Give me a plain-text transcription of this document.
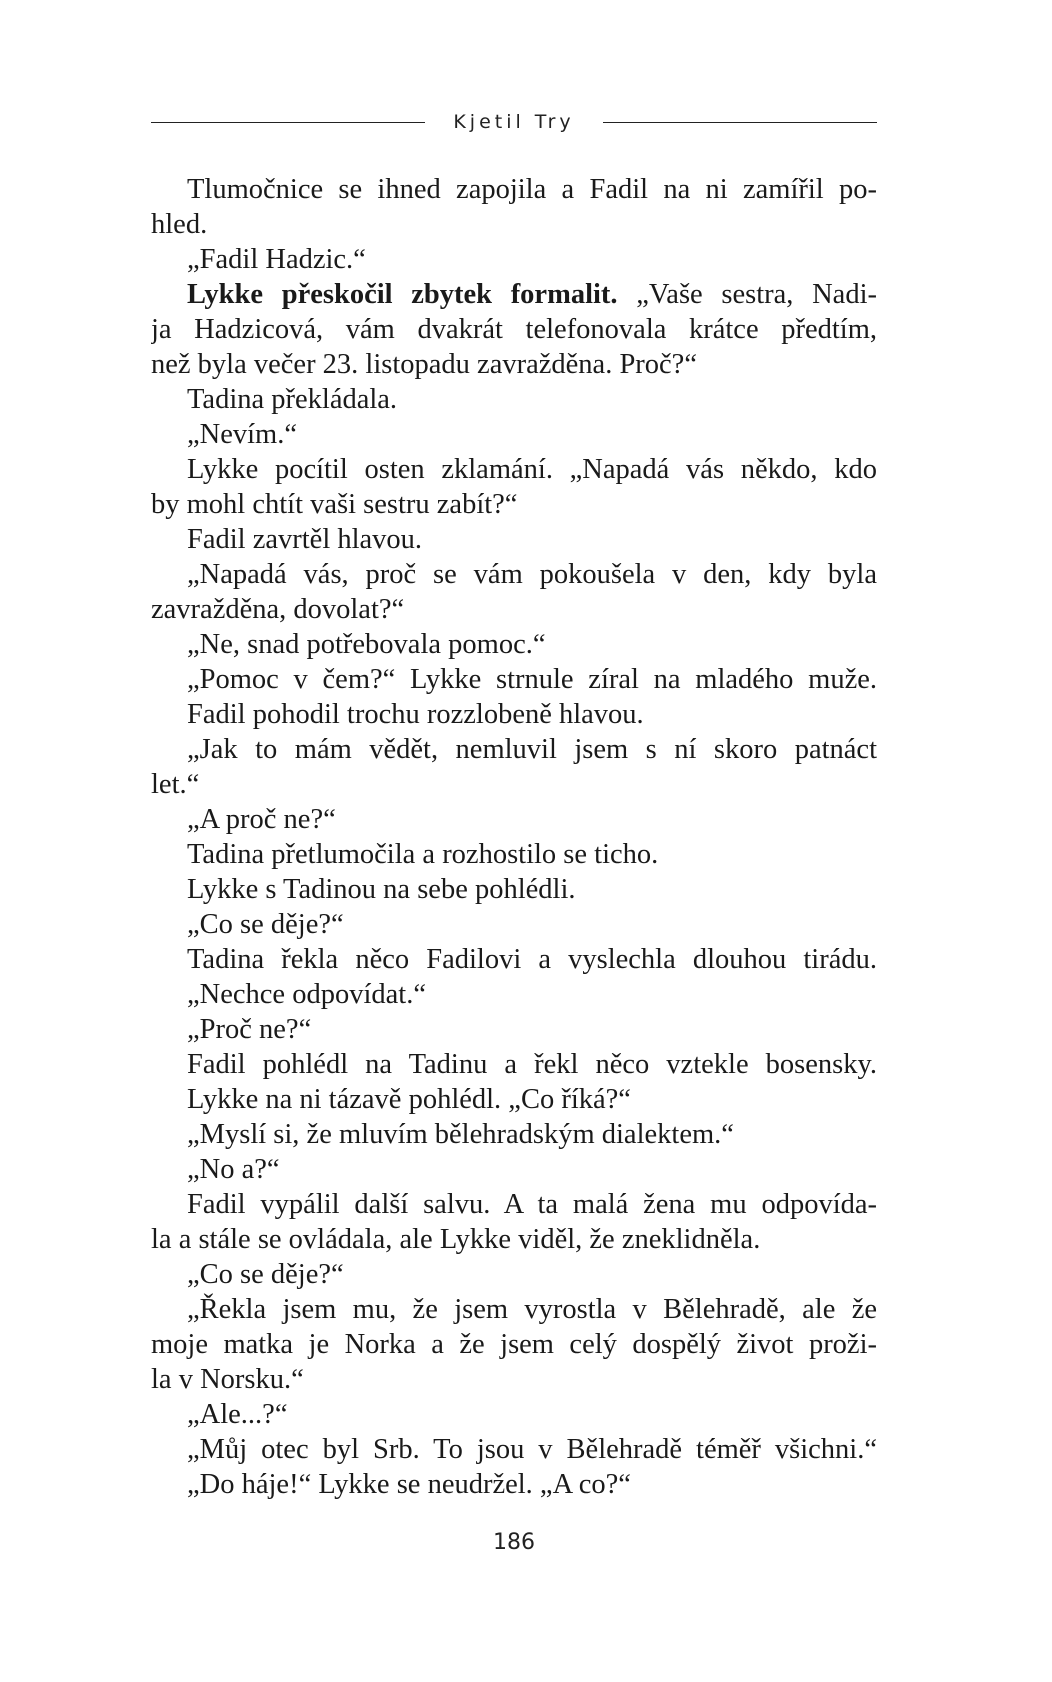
Kjetil Try
Tlumočnice se ihned zapojila a Fadil na ni zamířil po-
hled.
„Fadil Hadzic.“
Lykke přeskočil zbytek formalit. „Vaše sestra, Nadi-
ja Hadzicová, vám dvakrát telefonovala krátce předtím,
než byla večer 23. listopadu zavražděna. Proč?“
Tadina překládala.
„Nevím.“
Lykke pocítil osten zklamání. „Napadá vás někdo, kdo
by mohl chtít vaši sestru zabít?“
Fadil zavrtěl hlavou.
„Napadá vás, proč se vám pokoušela v den, kdy byla
zavražděna, dovolat?“
„Ne, snad potřebovala pomoc.“
„Pomoc v čem?“ Lykke strnule zíral na mladého muže.
Fadil pohodil trochu rozzlobeně hlavou.
„Jak to mám vědět, nemluvil jsem s ní skoro patnáct
let.“
„A proč ne?“
Tadina přetlumočila a rozhostilo se ticho.
Lykke s Tadinou na sebe pohlédli.
„Co se děje?“
Tadina řekla něco Fadilovi a vyslechla dlouhou tirádu.
„Nechce odpovídat.“
„Proč ne?“
Fadil pohlédl na Tadinu a řekl něco vztekle bosensky.
Lykke na ni tázavě pohlédl. „Co říká?“
„Myslí si, že mluvím bělehradským dialektem.“
„No a?“
Fadil vypálil další salvu. A ta malá žena mu odpovída-
la a stále se ovládala, ale Lykke viděl, že zneklidněla.
„Co se děje?“
„Řekla jsem mu, že jsem vyrostla v Bělehradě, ale že
moje matka je Norka a že jsem celý dospělý život proži-
la v Norsku.“
„Ale...?“
„Můj otec byl Srb. To jsou v Bělehradě téměř všichni.“
„Do háje!“ Lykke se neudržel. „A co?“
186
